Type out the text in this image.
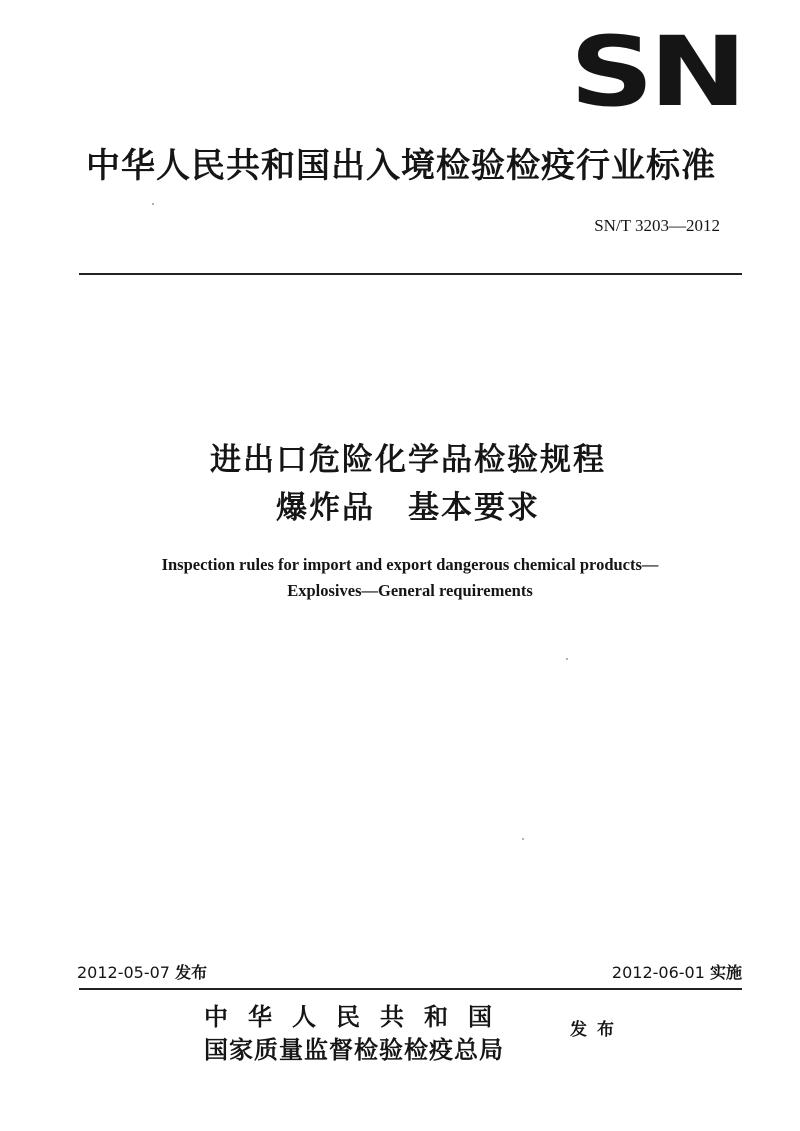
SN
中华人民共和国出入境检验检疫行业标准
SN/T 3203—2012
进出口危险化学品检验规程
爆炸品　基本要求
Inspection rules for import and export dangerous chemical products—
Explosives—General requirements
2012-05-07 发布	2012-06-01 实施
中华人民共和国
国家质量监督检验检疫总局
发布
